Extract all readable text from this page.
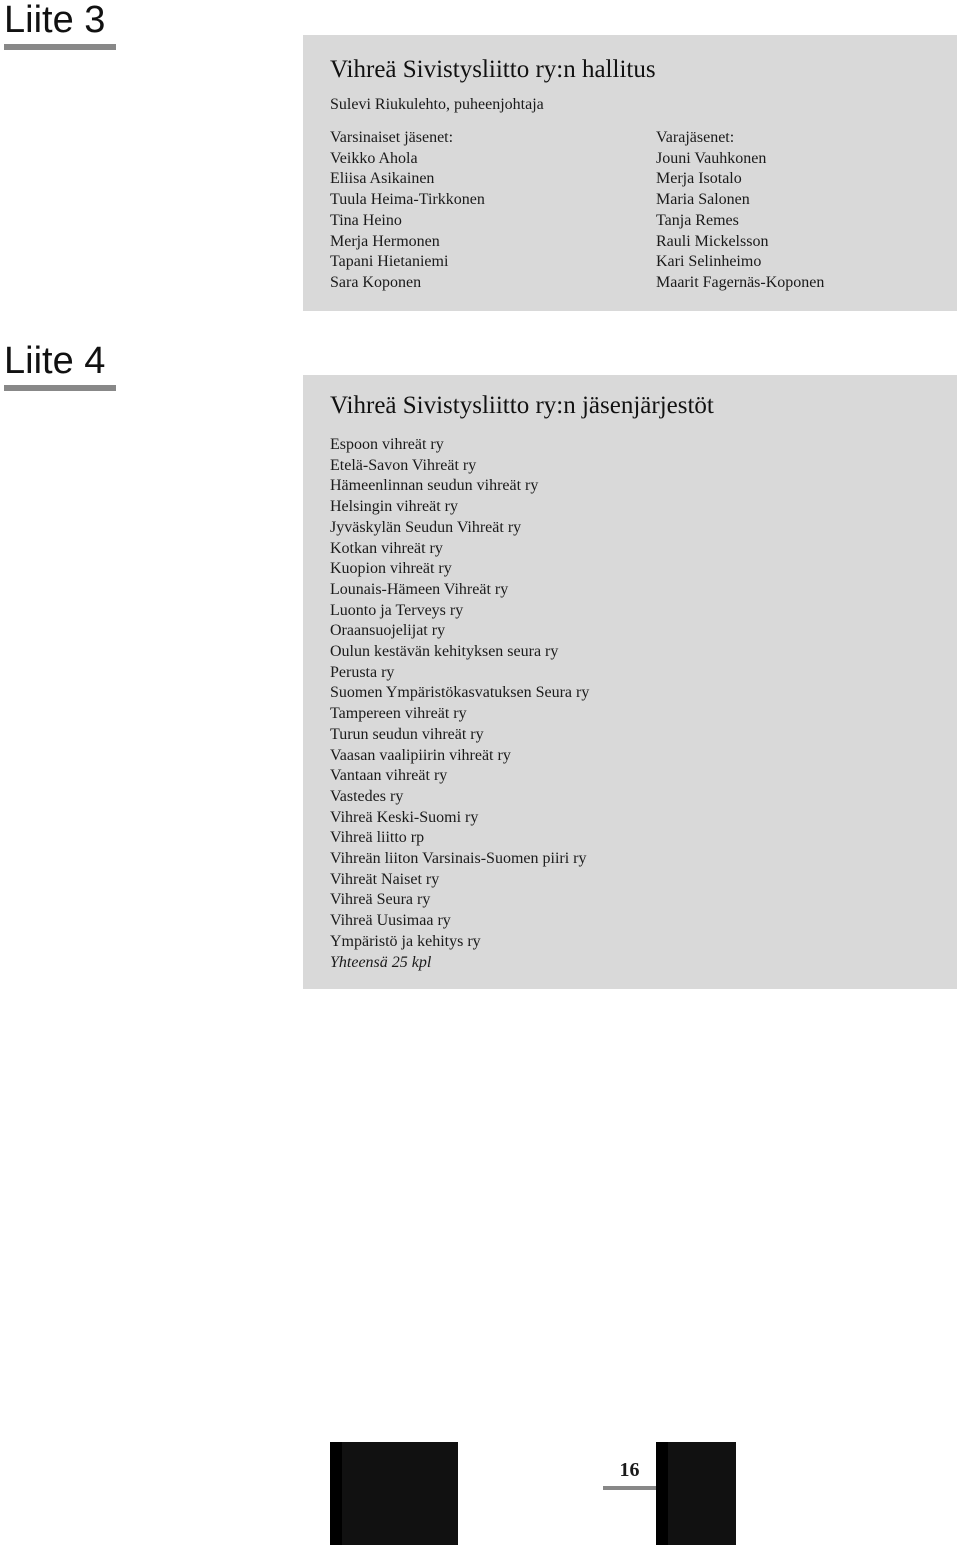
Liite 3
Vihreä Sivistysliitto ry:n hallitus
Sulevi Riukulehto, puheenjohtaja
Varsinaiset jäsenet:
Veikko Ahola
Eliisa Asikainen
Tuula Heima-Tirkkonen
Tina Heino
Merja Hermonen
Tapani Hietaniemi
Sara Koponen
Varajäsenet:
Jouni Vauhkonen
Merja Isotalo
Maria Salonen
Tanja Remes
Rauli Mickelsson
Kari Selinheimo
Maarit Fagernäs-Koponen
Liite 4
Vihreä Sivistysliitto ry:n jäsenjärjestöt
Espoon vihreät ry
Etelä-Savon Vihreät ry
Hämeenlinnan seudun vihreät ry
Helsingin vihreät ry
Jyväskylän Seudun Vihreät ry
Kotkan vihreät ry
Kuopion vihreät ry
Lounais-Hämeen Vihreät ry
Luonto ja Terveys ry
Oraansuojelijat ry
Oulun kestävän kehityksen seura ry
Perusta ry
Suomen Ympäristökasvatuksen Seura ry
Tampereen vihreät ry
Turun seudun vihreät ry
Vaasan vaalipiirin vihreät ry
Vantaan vihreät ry
Vastedes ry
Vihreä Keski-Suomi ry
Vihreä liitto rp
Vihreän liiton Varsinais-Suomen piiri ry
Vihreät Naiset ry
Vihreä Seura ry
Vihreä Uusimaa ry
Ympäristö ja kehitys ry
Yhteensä 25 kpl
16
